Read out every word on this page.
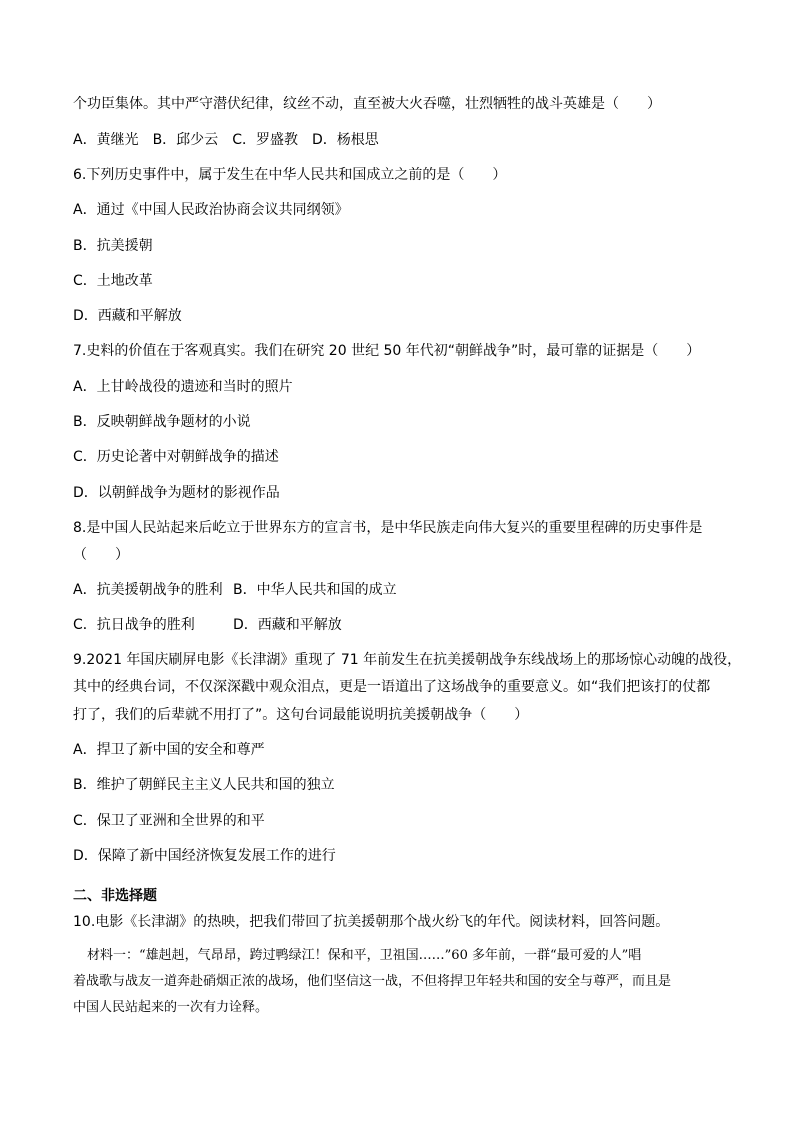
个功臣集体。其中严守潜伏纪律，纹丝不动，直至被大火吞噬，壮烈牺牲的战斗英雄是（　　）
A．黄继光 B．邱少云 C．罗盛教 D．杨根思
6.下列历史事件中，属于发生在中华人民共和国成立之前的是（　　）
A．通过《中国人民政治协商会议共同纲领》
B．抗美援朝
C．土地改革
D．西藏和平解放
7.史料的价值在于客观真实。我们在研究 20 世纪 50 年代初“朝鲜战争”时，最可靠的证据是（　　）
A．上甘岭战役的遗迹和当时的照片
B．反映朝鲜战争题材的小说
C．历史论著中对朝鲜战争的描述
D．以朝鲜战争为题材的影视作品
8.是中国人民站起来后屹立于世界东方的宣言书，是中华民族走向伟大复兴的重要里程碑的历史事件是
（　　）
A．抗美援朝战争的胜利 B．中华人民共和国的成立
C．抗日战争的胜利	D．西藏和平解放
9.2021 年国庆刷屏电影《长津湖》重现了 71 年前发生在抗美援朝战争东线战场上的那场惊心动魄的战役，
其中的经典台词，不仅深深戳中观众泪点，更是一语道出了这场战争的重要意义。如“我们把该打的仗都
打了，我们的后辈就不用打了”。这句台词最能说明抗美援朝战争（　　）
A．捍卫了新中国的安全和尊严
B．维护了朝鲜民主主义人民共和国的独立
C．保卫了亚洲和全世界的和平
D．保障了新中国经济恢复发展工作的进行
二、非选择题
10.电影《长津湖》的热映，把我们带回了抗美援朝那个战火纷飞的年代。阅读材料，回答问题。
材料一：“雄赳赳，气昂昂，跨过鸭绿江！保和平，卫祖国……”60 多年前，一群“最可爱的人”唱
着战歌与战友一道奔赴硝烟正浓的战场，他们坚信这一战，不但将捍卫年轻共和国的安全与尊严，而且是
中国人民站起来的一次有力诠释。
